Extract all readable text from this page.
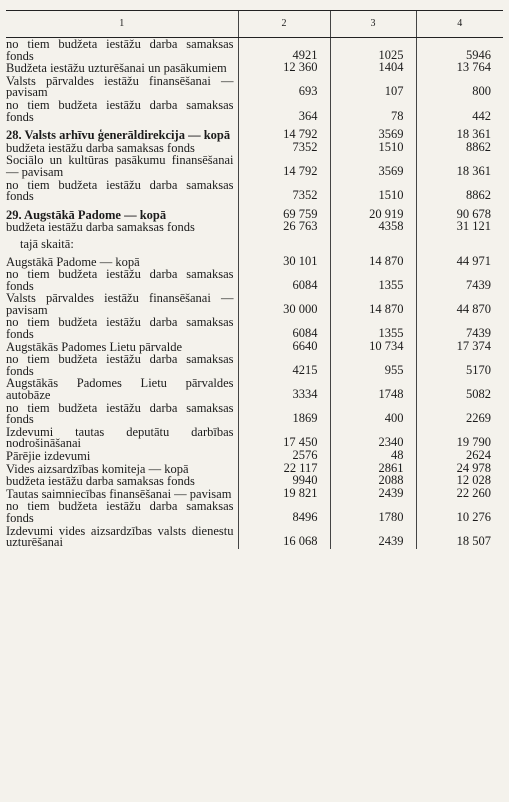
1	2	3	4

no tiem budžeta iestāžu darba samaksas fonds	4921	1025	5946

Budžeta iestāžu uzturēšanai un pasākumiem	12 360	1404	13 764

Valsts pārvaldes iestāžu finansēšanai — pavisam	693	107	800

no tiem budžeta iestāžu darba samaksas fonds	364	78	442

28. Valsts arhīvu ģenerāldirekcija — kopā	14 792	3569	18 361

budžeta iestāžu darba samaksas fonds	7352	1510	8862

Sociālo un kultūras pasākumu finansēšanai — pavisam	14 792	3569	18 361

no tiem budžeta iestāžu darba samaksas fonds	7352	1510	8862

29. Augstākā Padome — kopā	69 759	20 919	90 678

budžeta iestāžu darba samaksas fonds	26 763	4358	31 121

tajā skaitā:			

Augstākā Padome — kopā	30 101	14 870	44 971

no tiem budžeta iestāžu darba samaksas fonds	6084	1355	7439

Valsts pārvaldes iestāžu finansēšanai — pavisam	30 000	14 870	44 870

no tiem budžeta iestāžu darba samaksas fonds	6084	1355	7439

Augstākās Padomes Lietu pārvalde	6640	10 734	17 374

no tiem budžeta iestāžu darba samaksas fonds	4215	955	5170

Augstākās Padomes Lietu pārvaldes autobāze	3334	1748	5082

no tiem budžeta iestāžu darba samaksas fonds	1869	400	2269

Izdevumi tautas deputātu darbības nodrošināšanai	17 450	2340	19 790

Pārējie izdevumi	2576	48	2624

Vides aizsardzības komiteja — kopā	22 117	2861	24 978

budžeta iestāžu darba samaksas fonds	9940	2088	12 028

Tautas saimniecības finansēšanai — pavisam	19 821	2439	22 260

no tiem budžeta iestāžu darba samaksas fonds	8496	1780	10 276

Izdevumi vides aizsardzības valsts dienestu uzturēšanai	16 068	2439	18 507
